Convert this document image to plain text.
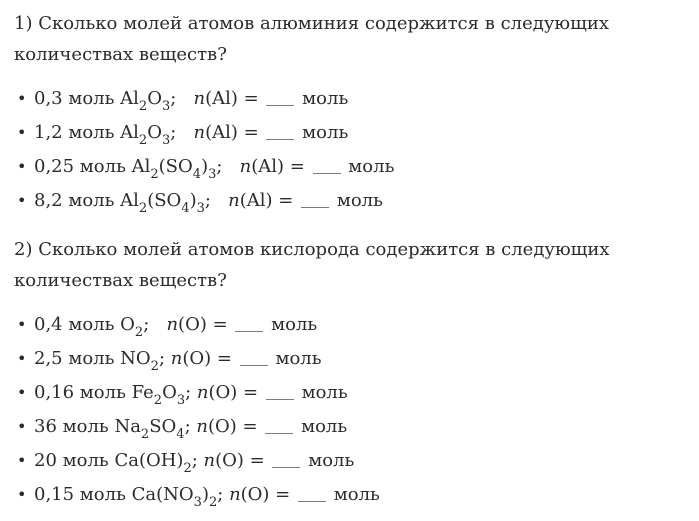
1) Сколько молей атомов алюминия содержится в следующих
количествах веществ?
• 0,3 моль $Al_2O_3$; n(Al) = моль
• 1,2 моль $Al_2O_3$; n(Al) = моль
• 0,25 моль $Al_2(SO_4)_3$; n(Al) = моль
• 8,2 моль $Al_2(SO_4)_3$; n(Al) = моль
2) Сколько молей атомов кислорода содержится в следующих
количествах веществ?
• 0,4 моль $O_2$; n(O) = моль
• 2,5 моль $NO_2$; n(O) = моль
• 0,16 моль $Fe_2O_3$; n(O) = моль
• 36 моль $Na_2SO_4$; n(O) = моль
• 20 моль $Ca(OH)_2$; n(O) = моль
• 0,15 моль $Ca(NO_3)_2$; n(O) = моль
